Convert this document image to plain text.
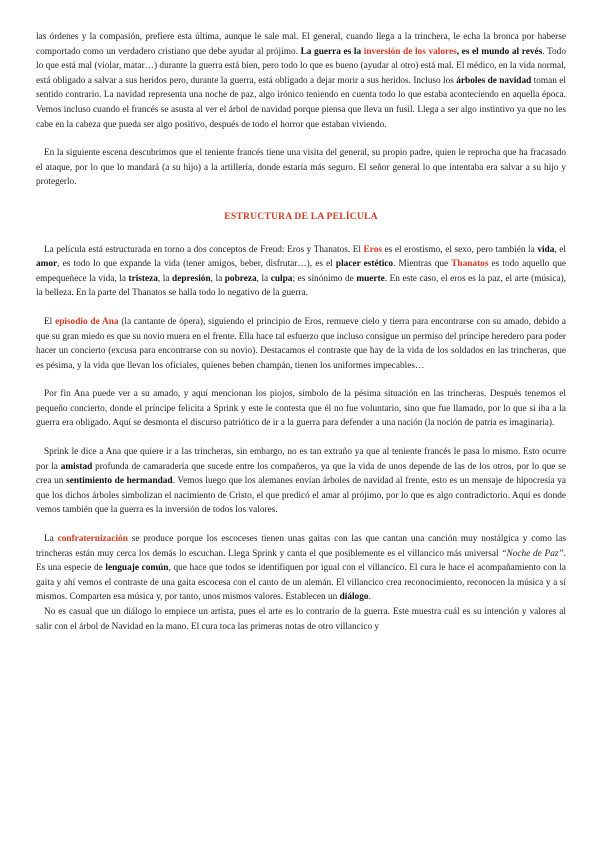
las órdenes y la compasión, prefiere esta última, aunque le sale mal. El general, cuando llega a la trinchera, le echa la bronca por haberse comportado como un verdadero cristiano que debe ayudar al prójimo. La guerra es la inversión de los valores, es el mundo al revés. Todo lo que está mal (violar, matar…) durante la guerra está bien, pero todo lo que es bueno (ayudar al otro) está mal. El médico, en la vida normal, está obligado a salvar a sus heridos pero, durante la guerra, está obligado a dejar morir a sus heridos. Incluso los árboles de navidad toman el sentido contrario. La navidad representa una noche de paz, algo irónico teniendo en cuenta todo lo que estaba aconteciendo en aquella época. Vemos incluso cuando el francés se asusta al ver el árbol de navidad porque piensa que lleva un fusil. Llega a ser algo instintivo ya que no les cabe en la cabeza que pueda ser algo positivo, después de todo el horror que estaban viviendo.

En la siguiente escena descubrimos que el teniente francés tiene una visita del general, su propio padre, quien le reprocha que ha fracasado el ataque, por lo que lo mandará (a su hijo) a la artillería, donde estaría más seguro. El señor general lo que intentaba era salvar a su hijo y protegerlo.

ESTRUCTURA DE LA PELÍCULA

La película está estructurada en torno a dos conceptos de Freud: Eros y Thanatos. El Eros es el erostismo, el sexo, pero también la vida, el amor, es todo lo que expande la vida (tener amigos, beber, disfrutar…), es el placer estético. Mientras que Thanatos es todo aquello que empequeñece la vida, la tristeza, la depresión, la pobreza, la culpa; es sinónimo de muerte. En este caso, el eros es la paz, el arte (música), la belleza. En la parte del Thanatos se halla todo lo negativo de la guerra.

El episodio de Ana (la cantante de ópera), siguiendo el principio de Eros, remueve cielo y tierra para encontrarse con su amado, debido a que su gran miedo es que su novio muera en el frente. Ella hace tal esfuerzo que incluso consigue un permiso del príncipe heredero para poder hacer un concierto (excusa para encontrarse con su novio). Destacamos el contraste que hay de la vida de los soldados en las trincheras, que es pésima, y la vida que llevan los oficiales, quienes beben champán, tienen los uniformes impecables…

Por fin Ana puede ver a su amado, y aquí mencionan los piojos, símbolo de la pésima situación en las trincheras. Después tenemos el pequeño concierto, donde el príncipe felicita a Sprink y este le contesta que él no fue voluntario, sino que fue llamado, por lo que si iba a la guerra era obligado. Aquí se desmonta el discurso patriótico de ir a la guerra para defender a una nación (la noción de patria es imaginaria).

Sprink le dice a Ana que quiere ir a las trincheras, sin embargo, no es tan extraño ya que al teniente francés le pasa lo mismo. Esto ocurre por la amistad profunda de camaradería que sucede entre los compañeros, ya que la vida de unos depende de las de los otros, por lo que se crea un sentimiento de hermandad. Vemos luego que los alemanes envían árboles de navidad al frente, esto es un mensaje de hipocresía ya que los dichos árboles simbolizan el nacimiento de Cristo, el que predicó el amar al prójimo, por lo que es algo contradictorio. Aquí es donde vemos también que la guerra es la inversión de todos los valores.

La confraternización se produce porque los escoceses tienen unas gaitas con las que cantan una canción muy nostálgica y como las trincheras están muy cerca los demás lo escuchan. Llega Sprink y canta el que posiblemente es el villancico más universal “Noche de Paz”. Es una especie de lenguaje común, que hace que todos se identifiquen por igual con el villancico. El cura le hace el acompañamiento con la gaita y ahí vemos el contraste de una gaita escocesa con el canto de un alemán. El villancico crea reconocimiento, reconocen la música y a sí mismos. Comparten esa música y, por tanto, unos mismos valores. Establecen un diálogo.

No es casual que un diálogo lo empiece un artista, pues el arte es lo contrario de la guerra. Este muestra cuál es su intención y valores al salir con el árbol de Navidad en la mano. El cura toca las primeras notas de otro villancico y
